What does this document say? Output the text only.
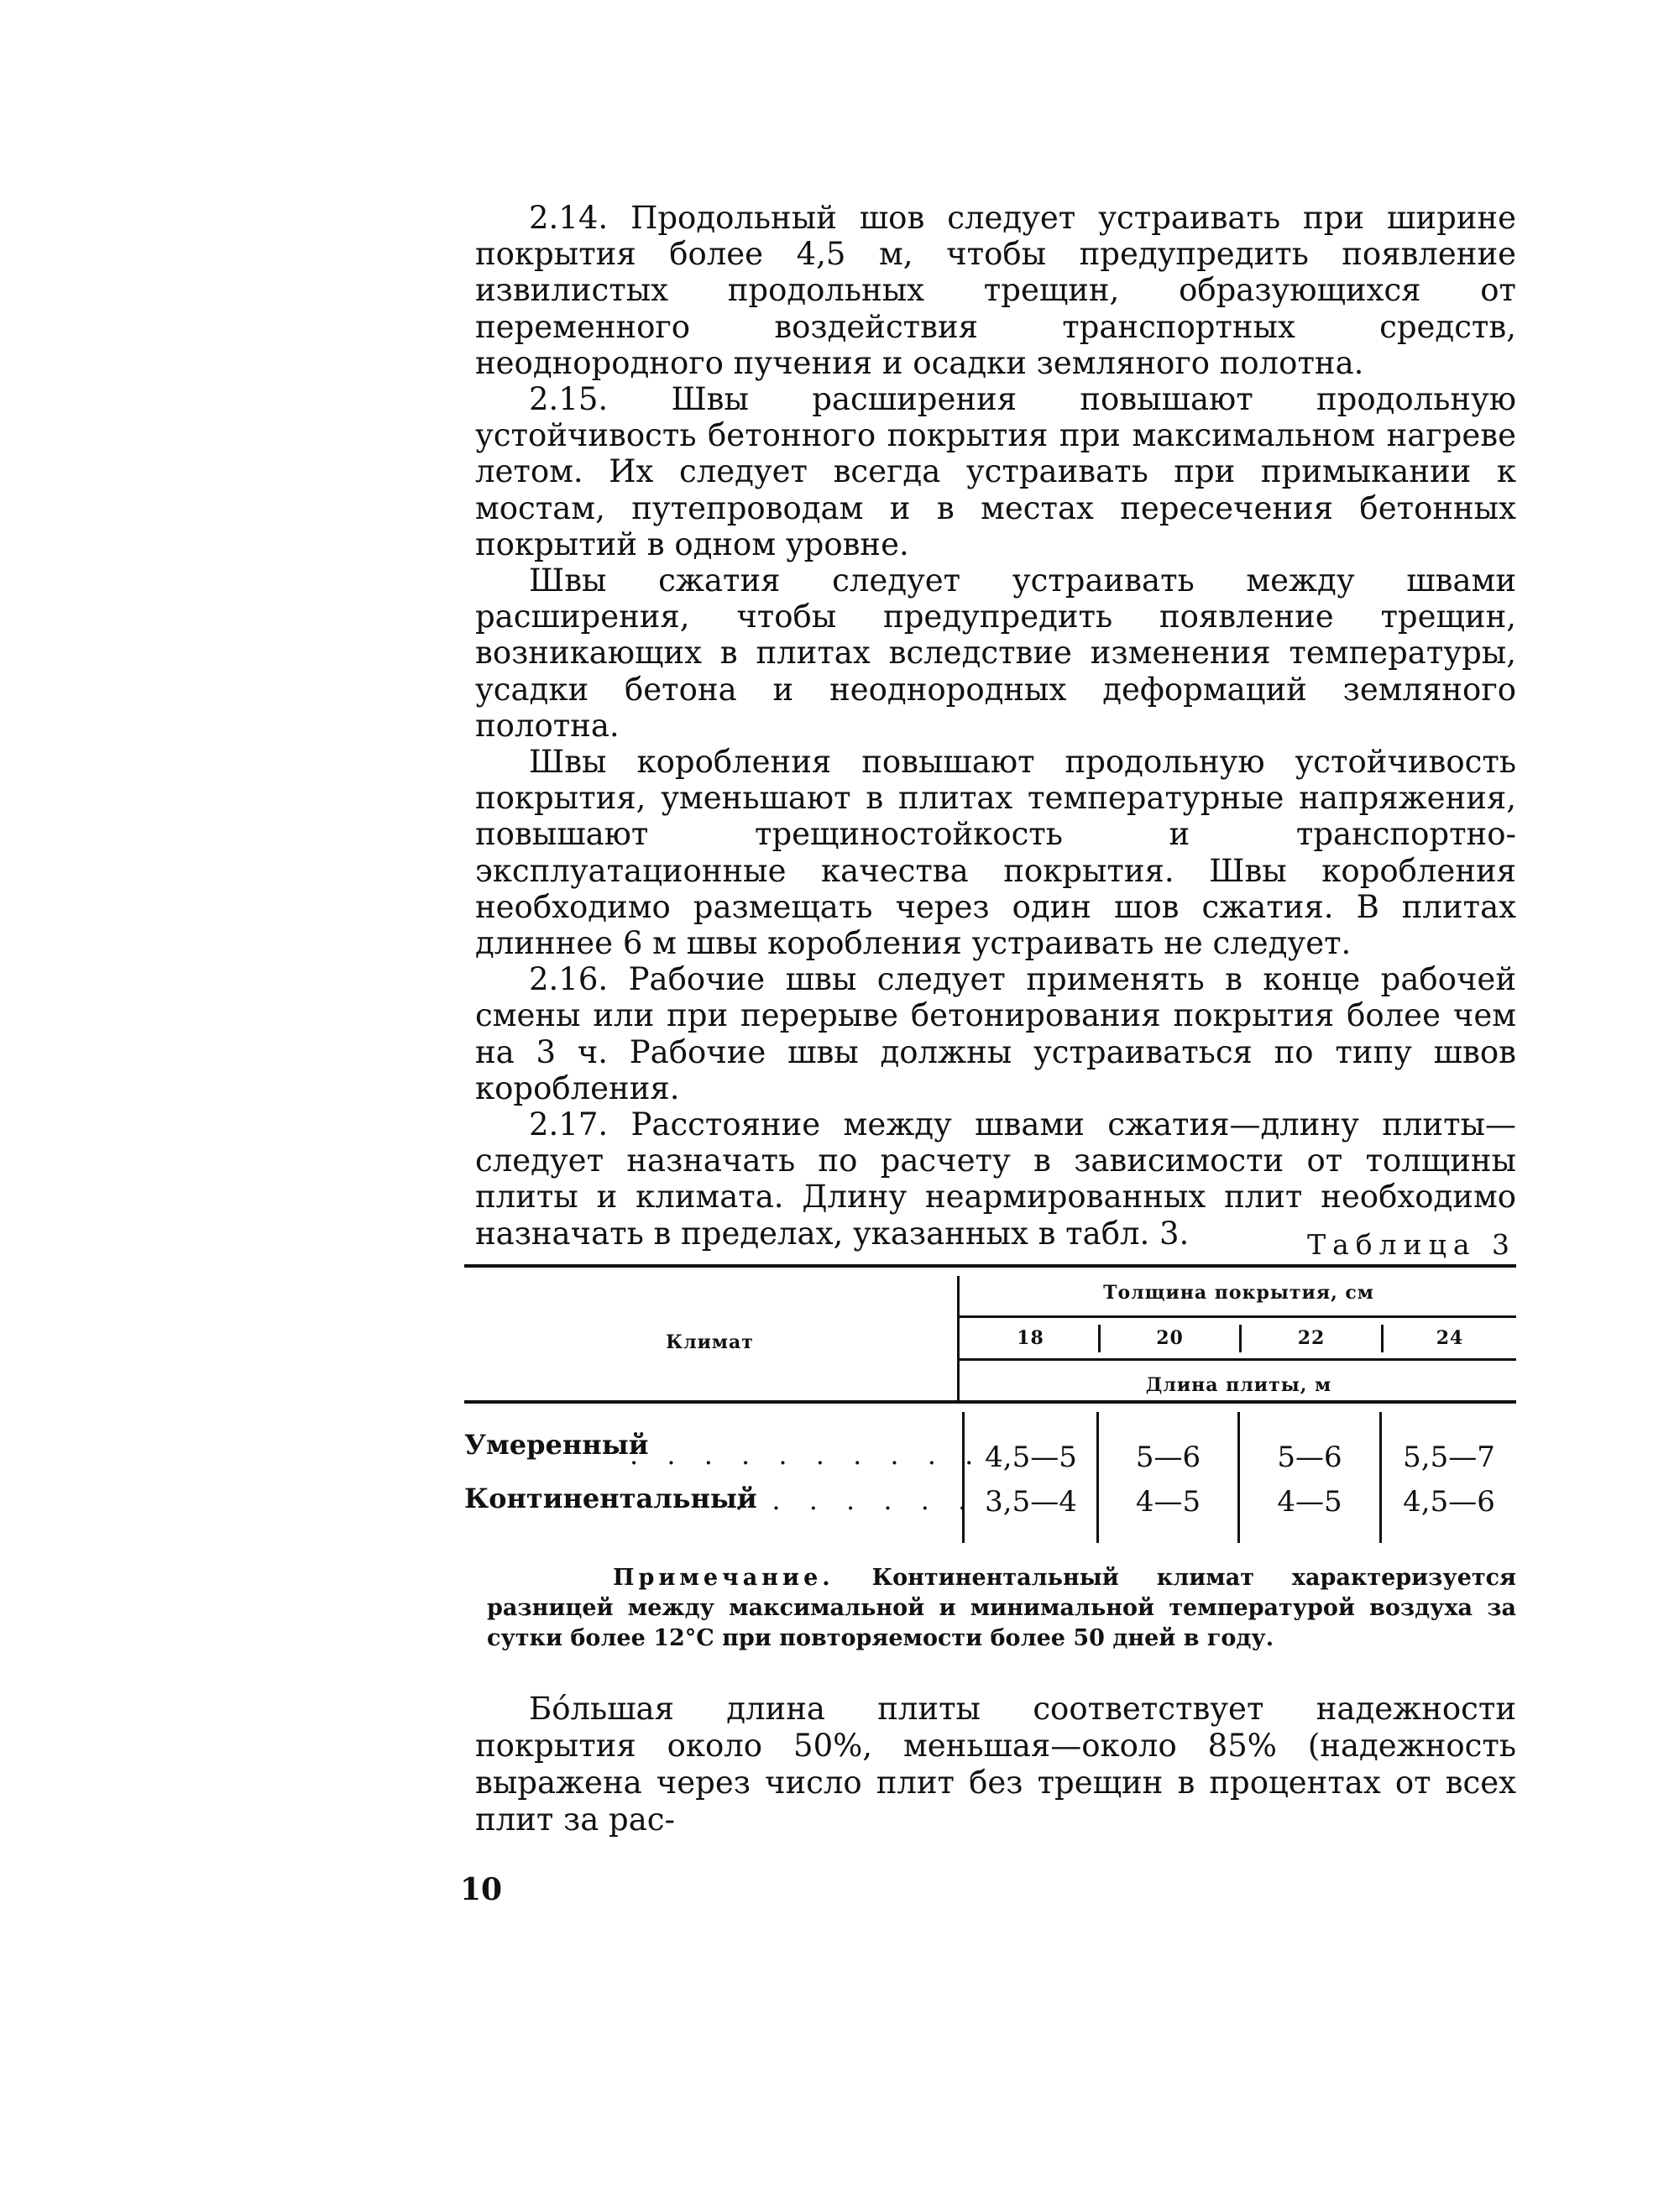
2.14. Продольный шов следует устраивать при ширине покрытия более 4,5 м, чтобы предупредить появление извилистых продольных трещин, образующихся от переменного воздействия транспортных средств, неоднородного пучения и осадки земляного полотна.

2.15. Швы расширения повышают продольную устойчивость бетонного покрытия при максимальном нагреве летом. Их следует всегда устраивать при примыкании к мостам, путепроводам и в местах пересечения бетонных покрытий в одном уровне.

Швы сжатия следует устраивать между швами расширения, чтобы предупредить появление трещин, возникающих в плитах вследствие изменения температуры, усадки бетона и неоднородных деформаций земляного полотна.

Швы коробления повышают продольную устойчивость покрытия, уменьшают в плитах температурные напряжения, повышают трещиностойкость и транспортно-эксплуатационные качества покрытия. Швы коробления необходимо размещать через один шов сжатия. В плитах длиннее 6 м швы коробления устраивать не следует.

2.16. Рабочие швы следует применять в конце рабочей смены или при перерыве бетонирования покрытия более чем на 3 ч. Рабочие швы должны устраиваться по типу швов коробления.

2.17. Расстояние между швами сжатия—длину плиты—следует назначать по расчету в зависимости от толщины плиты и климата. Длину неармированных плит необходимо назначать в пределах, указанных в табл. 3.	Таблица 3
Климат
Толщина покрытия, см
18	20	22	24
Длина плиты, м
Умеренный
. . . . . . . . . . 4,5—5	5—6	5—6	5,5—7
Континентальный
. . . . . . . 3,5—4	4—5	4—5	4,5—6
Примечание. Континентальный климат характеризуется разницей между максимальной и минимальной температурой воздуха за сутки более 12°С при повторяемости более 50 дней в году.

Бóльшая длина плиты соответствует надежности покрытия около 50%, меньшая—около 85% (надежность выражена через число плит без трещин в процентах от всех плит за рас-

10
